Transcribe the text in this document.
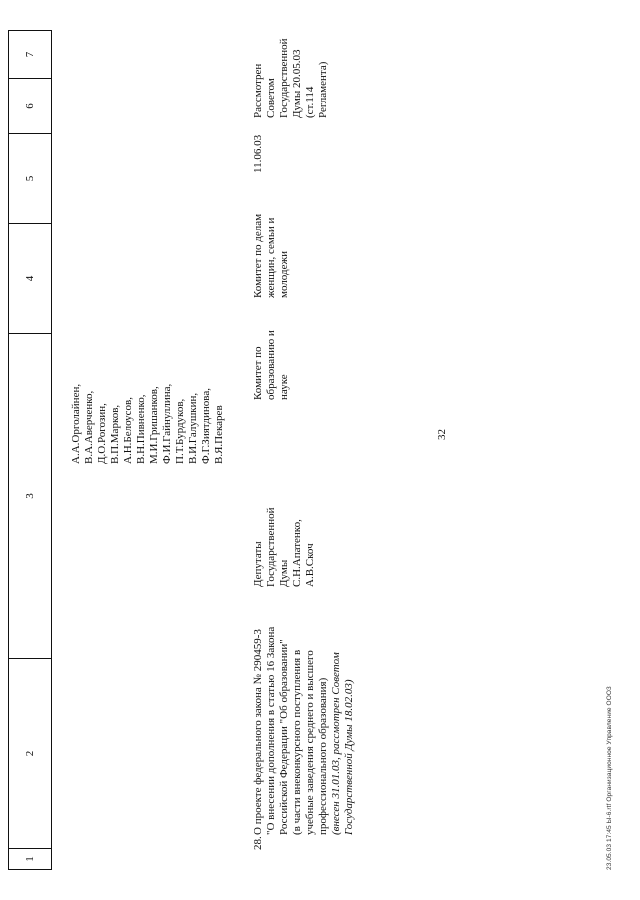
32
1
2
3
4
5
6
7
А.А.Орголайнен,
В.А.Аверченко,
Д.О.Рогозин,
В.П.Марков,
А.Н.Белоусов,
В.Н.Пивненко,
М.И.Гришанков,
Ф.И.Гайнуллина,
П.Т.Бурдуков,
В.И.Галушкин,
Ф.Г.Зиятдинова,
В.Я.Пекарев
28.
О проекте федерального закона № 290459-3
"О внесении дополнения в статью 16 Закона
Российской Федерации "Об образовании"
(в части внеконкурсного поступления в
учебные заведения среднего и высшего
профессионального образования)
(внесен 31.01.03, рассмотрен Советом
Государственной Думы 18.02.03)
Депутаты
Государственной
Думы
С.Н.Апатенко,
А.В.Скоч
Комитет по
образованию и
науке
Комитет по делам
женщин, семьи и
молодежи
11.06.03
Рассмотрен Советом
Государственной
Думы 20.05.03
(ст.114 Регламента)
23.05.03 17:45 Ы-6.rtf Организационное Управление ООО3
